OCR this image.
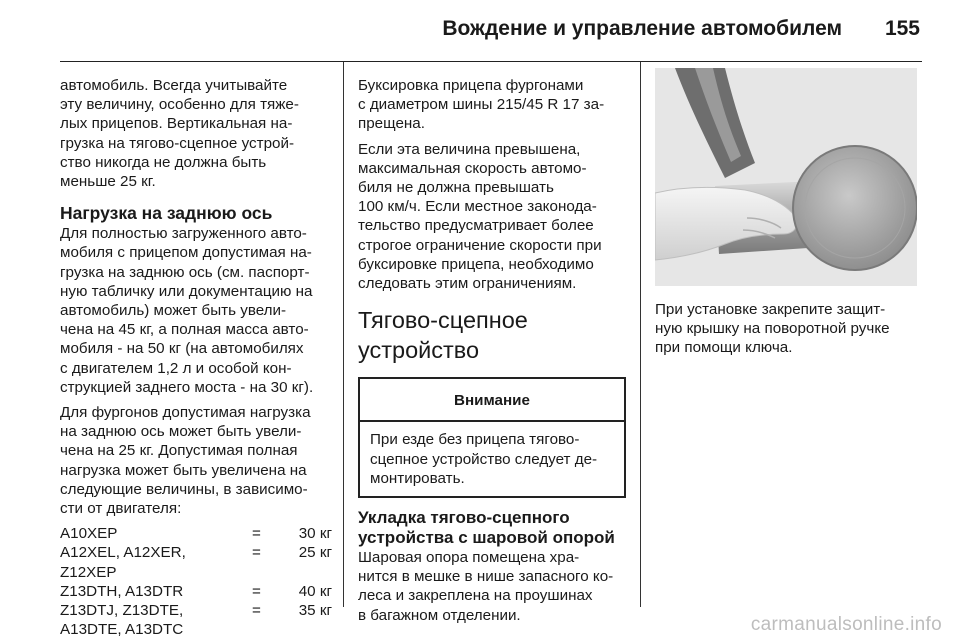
Вождение и управление автомобилем 155

автомобиль. Всегда учитывайте
эту величину, особенно для тяже-
лых прицепов. Вертикальная на-
грузка на тягово-сцепное устрой-
ство никогда не должна быть
меньше 25 кг.

Нагрузка на заднюю ось

Для полностью загруженного авто-
мобиля с прицепом допустимая на-
грузка на заднюю ось (см. паспорт-
ную табличку или документацию на
автомобиль) может быть увели-
чена на 45 кг, а полная масса авто-
мобиля - на 50 кг (на автомобилях
с двигателем 1,2 л и особой кон-
струкцией заднего моста - на 30 кг).

Для фургонов допустимая нагрузка
на заднюю ось может быть увели-
чена на 25 кг. Допустимая полная
нагрузка может быть увеличена на
следующие величины, в зависимо-
сти от двигателя:

A10XEP	=	30 кг
A12XEL, A12XER,
Z12XEP
=	25 кг
Z13DTH, A13DTR	=	40 кг
Z13DTJ, Z13DTE,
A13DTE, A13DTC
=	35 кг

Буксировка прицепа фургонами
с диаметром шины 215/45 R 17 за-
прещена.

Если эта величина превышена,
максимальная скорость автомо-
биля не должна превышать
100 км/ч. Если местное законода-
тельство предусматривает более
строгое ограничение скорости при
буксировке прицепа, необходимо
следовать этим ограничениям.

Тягово-сцепное
устройство
Внимание
При езде без прицепа тягово-
сцепное устройство следует де-
монтировать.
Укладка тягово-сцепного
устройства с шаровой опорой

Шаровая опора помещена хра-
нится в мешке в нише запасного ко-
леса и закреплена на проушинах
в багажном отделении.

При установке закрепите защит-
ную крышку на поворотной ручке
при помощи ключа.

carmanualsonline.info
